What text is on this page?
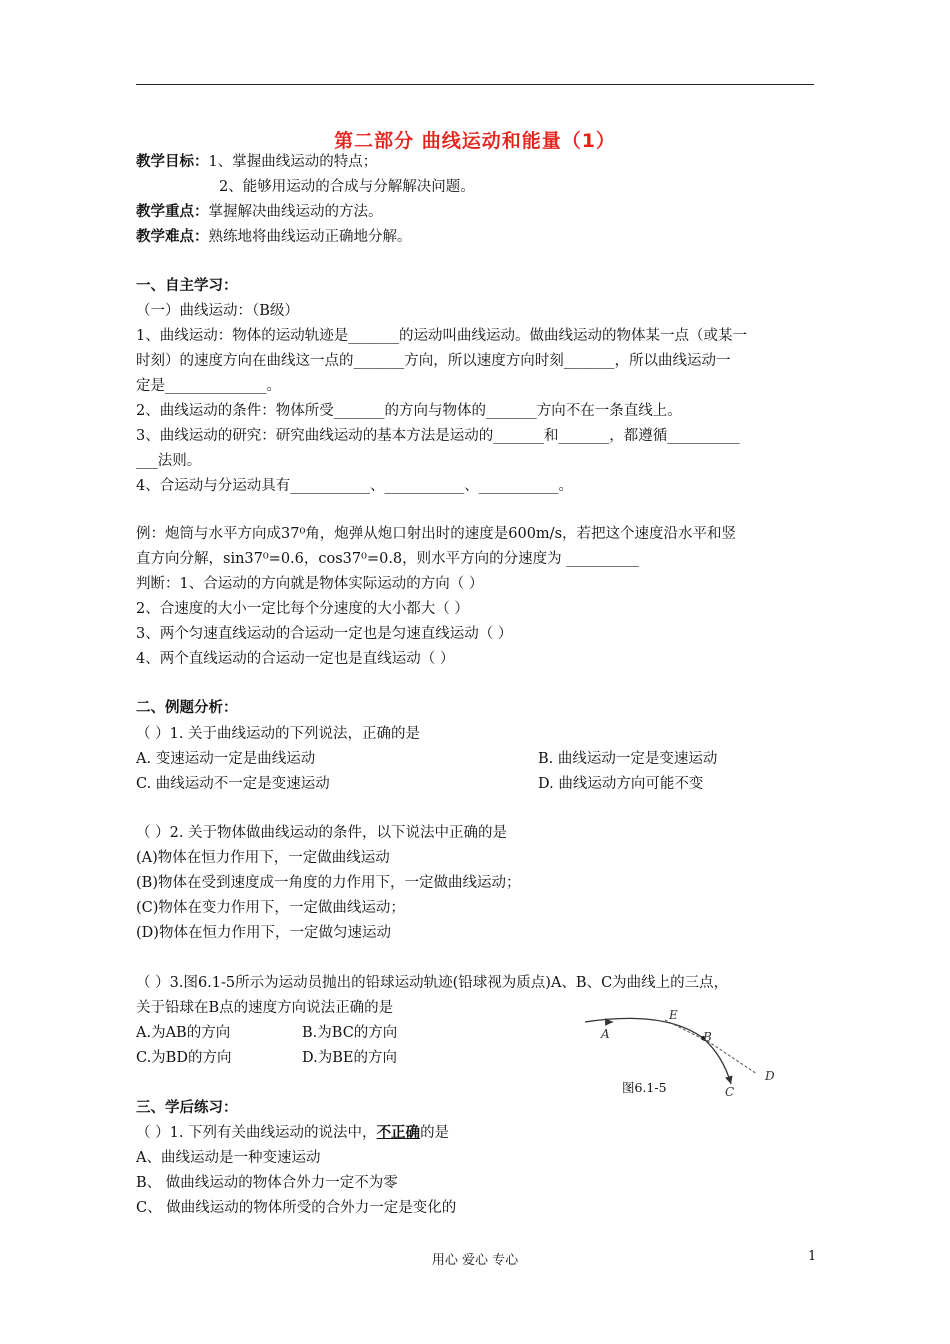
第二部分 曲线运动和能量（1）
教学目标：1、掌握曲线运动的特点；
2、能够用运动的合成与分解解决问题。
教学重点：掌握解决曲线运动的方法。
教学难点：熟练地将曲线运动正确地分解。
一、自主学习：
（一）曲线运动：（B级）
1、曲线运动：物体的运动轨迹是_______的运动叫曲线运动。做曲线运动的物体某一点（或某一
时刻）的速度方向在曲线这一点的_______方向，所以速度方向时刻_______，所以曲线运动一
定是______________。
2、曲线运动的条件：物体所受_______的方向与物体的_______方向不在一条直线上。
3、曲线运动的研究：研究曲线运动的基本方法是运动的_______和_______，都遵循__________
___法则。
4、合运动与分运动具有___________、___________、___________。
例：炮筒与水平方向成37⁰角，炮弹从炮口射出时的速度是600m/s，若把这个速度沿水平和竖
直方向分解，sin37⁰=0.6，cos37⁰=0.8，则水平方向的分速度为 __________
判断：1、合运动的方向就是物体实际运动的方向（ ）
2、合速度的大小一定比每个分速度的大小都大（ ）
3、两个匀速直线运动的合运动一定也是匀速直线运动（ ）
4、两个直线运动的合运动一定也是直线运动（ ）
二、例题分析：
（ ）1. 关于曲线运动的下列说法，正确的是
A. 变速运动一定是曲线运动	B. 曲线运动一定是变速运动
C. 曲线运动不一定是变速运动	D. 曲线运动方向可能不变
（ ）2. 关于物体做曲线运动的条件，以下说法中正确的是
(A)物体在恒力作用下，一定做曲线运动
(B)物体在受到速度成一角度的力作用下，一定做曲线运动；
(C)物体在变力作用下，一定做曲线运动；
(D)物体在恒力作用下，一定做匀速运动
（ ）3.图6.1-5所示为运动员抛出的铅球运动轨迹(铅球视为质点)A、B、C为曲线上的三点，
关于铅球在B点的速度方向说法正确的是
A.为AB的方向	B.为BC的方向
C.为BD的方向	D.为BE的方向
A
E
B
D
C
图6.1-5
三、学后练习：
（ ）1. 下列有关曲线运动的说法中，不正确的是
A、曲线运动是一种变速运动
B、 做曲线运动的物体合外力一定不为零
C、 做曲线运动的物体所受的合外力一定是变化的
用心 爱心 专心	1
